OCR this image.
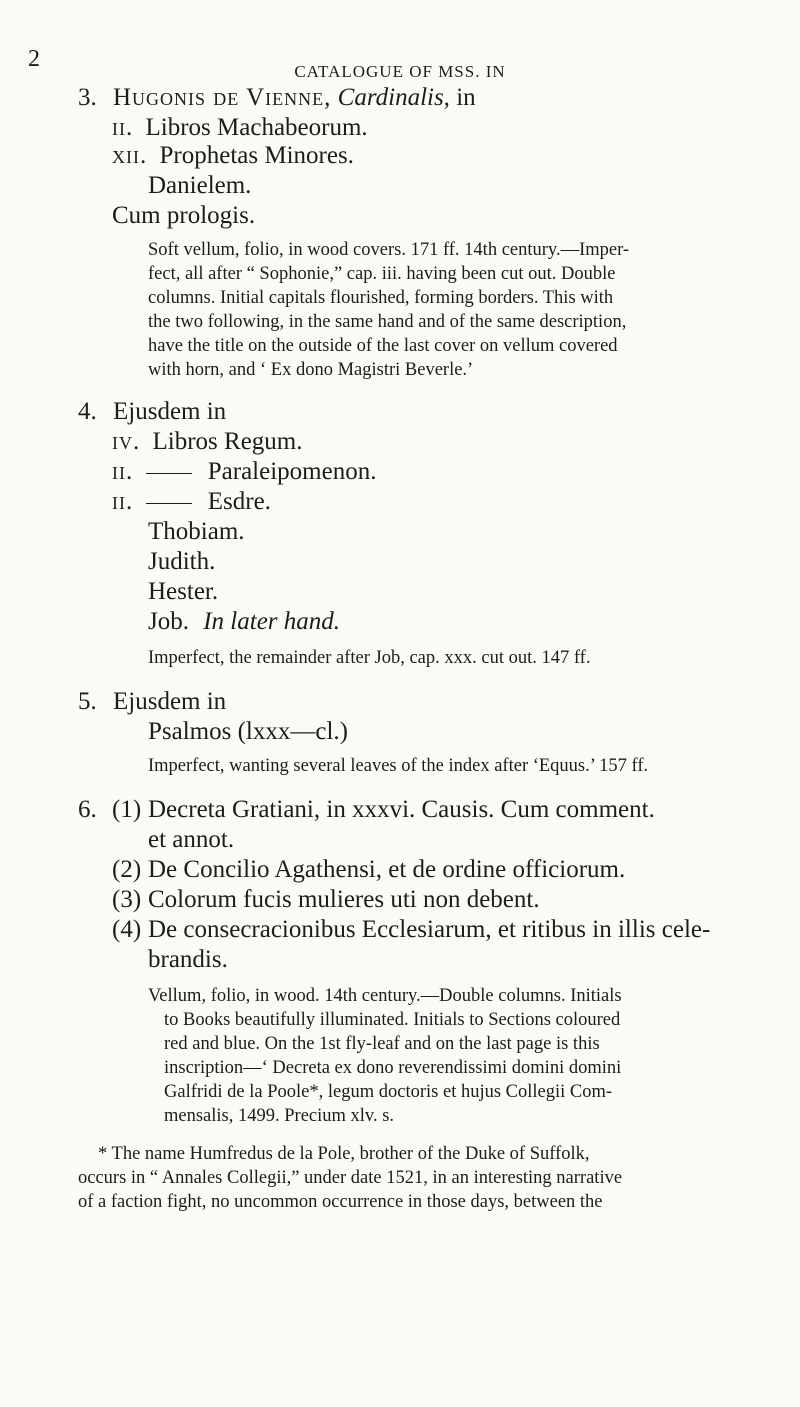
2	CATALOGUE OF MSS. IN
3. Hugonis de Vienne, Cardinalis, in
ii. Libros Machabeorum.
xii. Prophetas Minores.
Danielem.
Cum prologis.
Soft vellum, folio, in wood covers. 171 ff. 14th century.—Imper-
fect, all after “ Sophonie,” cap. iii. having been cut out. Double
columns. Initial capitals flourished, forming borders. This with
the two following, in the same hand and of the same description,
have the title on the outside of the last cover on vellum covered
with horn, and ‘ Ex dono Magistri Beverle.’
4. Ejusdem in
iv. Libros Regum.
ii.	Paraleipomenon.
ii.	Esdre.
Thobiam.
Judith.
Hester.
Job. In later hand.
Imperfect, the remainder after Job, cap. xxx. cut out. 147 ff.
5. Ejusdem in
Psalmos (lxxx—cl.)
Imperfect, wanting several leaves of the index after ‘Equus.’ 157 ff.
6. (1) Decreta Gratiani, in xxxvi. Causis. Cum comment.
et annot.
(2) De Concilio Agathensi, et de ordine officiorum.
(3) Colorum fucis mulieres uti non debent.
(4) De consecracionibus Ecclesiarum, et ritibus in illis cele-
brandis.
Vellum, folio, in wood. 14th century.—Double columns. Initials
to Books beautifully illuminated. Initials to Sections coloured
red and blue. On the 1st fly-leaf and on the last page is this
inscription—‘ Decreta ex dono reverendissimi domini domini
Galfridi de la Poole*, legum doctoris et hujus Collegii Com-
mensalis, 1499. Precium xlv. s.
* The name Humfredus de la Pole, brother of the Duke of Suffolk,
occurs in “ Annales Collegii,” under date 1521, in an interesting narrative
of a faction fight, no uncommon occurrence in those days, between the
